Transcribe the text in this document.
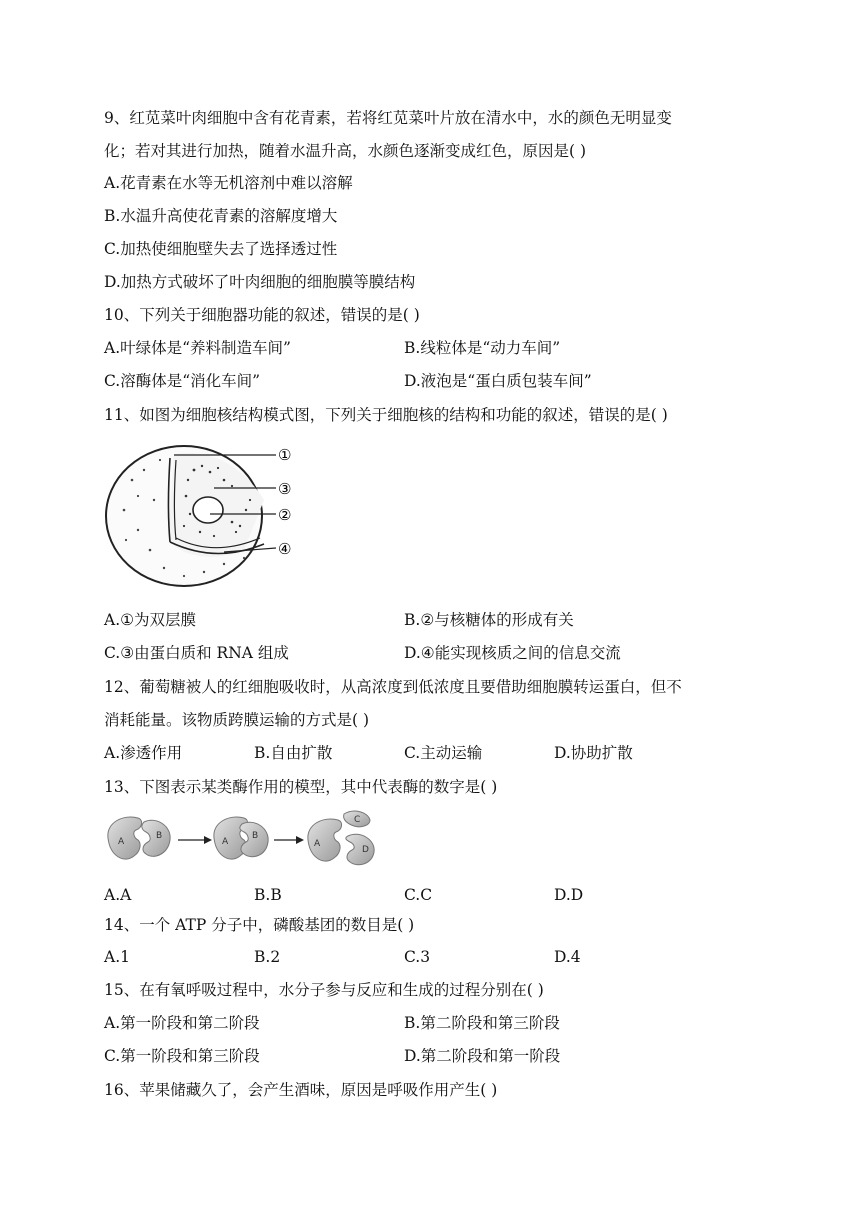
9、红苋菜叶肉细胞中含有花青素，若将红苋菜叶片放在清水中，水的颜色无明显变
化；若对其进行加热，随着水温升高，水颜色逐渐变成红色，原因是( )
A.花青素在水等无机溶剂中难以溶解
B.水温升高使花青素的溶解度增大
C.加热使细胞壁失去了选择透过性
D.加热方式破坏了叶肉细胞的细胞膜等膜结构
10、下列关于细胞器功能的叙述，错误的是( )
A.叶绿体是“养料制造车间”	B.线粒体是“动力车间”
C.溶酶体是“消化车间”	D.液泡是“蛋白质包装车间”
11、如图为细胞核结构模式图，下列关于细胞核的结构和功能的叙述，错误的是( )
①
③
②
④
A.①为双层膜	B.②与核糖体的形成有关
C.③由蛋白质和 RNA 组成	D.④能实现核质之间的信息交流
12、葡萄糖被人的红细胞吸收时，从高浓度到低浓度且要借助细胞膜转运蛋白，但不
消耗能量。该物质跨膜运输的方式是( )
A.渗透作用	B.自由扩散	C.主动运输	D.协助扩散
13、下图表示某类酶作用的模型，其中代表酶的数字是( )
A
B
A
B
A
C
D
A.A	B.B	C.C	D.D
14、一个 ATP 分子中，磷酸基团的数目是( )
A.1	B.2	C.3	D.4
15、在有氧呼吸过程中，水分子参与反应和生成的过程分别在( )
A.第一阶段和第二阶段	B.第二阶段和第三阶段
C.第一阶段和第三阶段	D.第二阶段和第一阶段
16、苹果储藏久了，会产生酒味，原因是呼吸作用产生( )
